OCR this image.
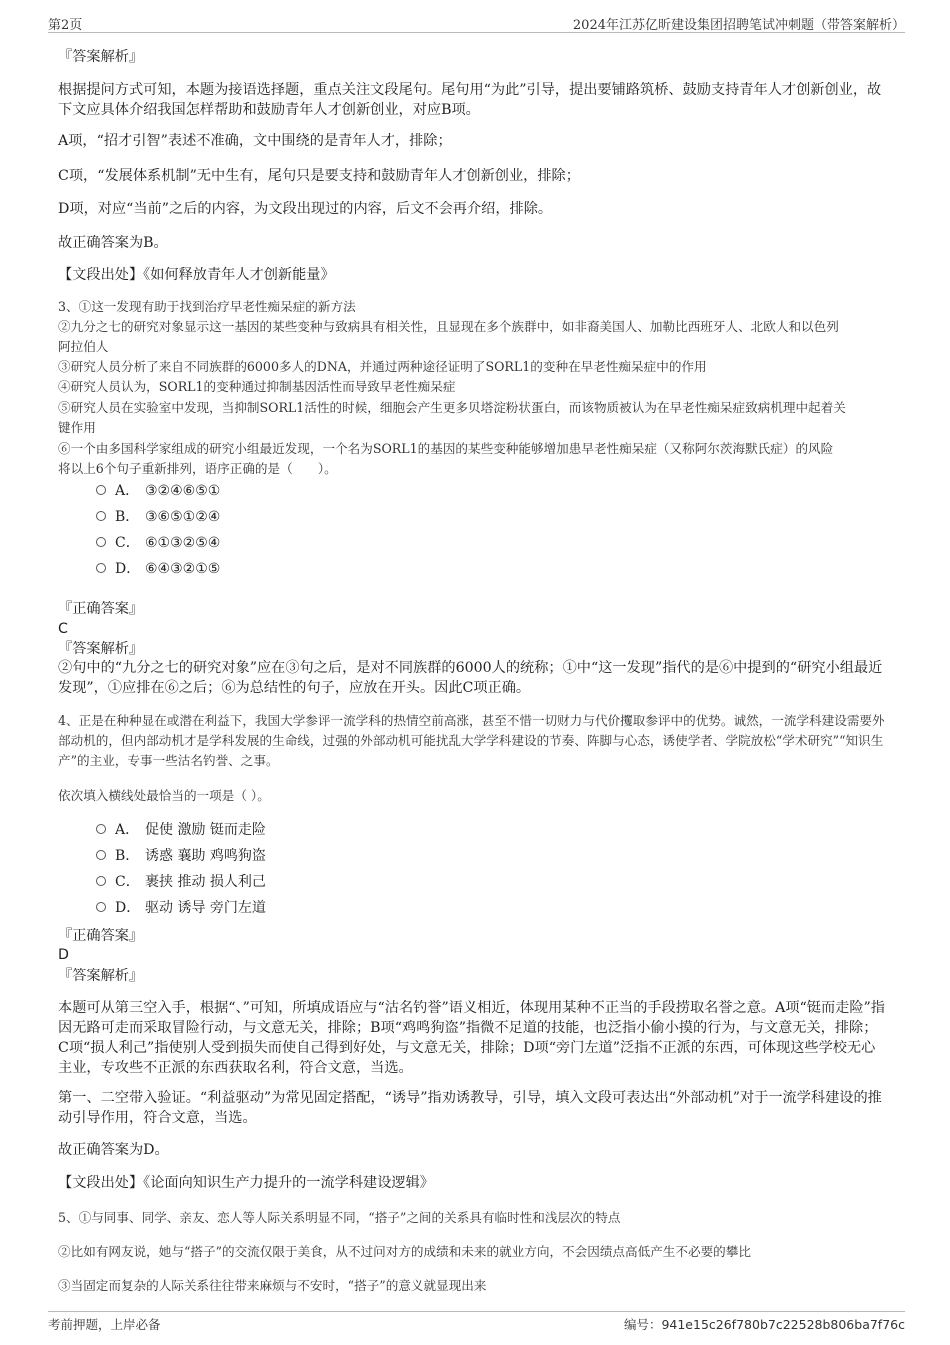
第2页	2024年江苏亿昕建设集团招聘笔试冲刺题（带答案解析）

『答案解析』

根据提问方式可知，本题为接语选择题，重点关注文段尾句。尾句用“为此”引导，提出要铺路筑桥、鼓励支持青年人才创新创业，故下文应具体介绍我国怎样帮助和鼓励青年人才创新创业，对应B项。

A项，“招才引智”表述不准确，文中围绕的是青年人才，排除；

C项，“发展体系机制”无中生有，尾句只是要支持和鼓励青年人才创新创业，排除；

D项，对应“当前”之后的内容，为文段出现过的内容，后文不会再介绍，排除。

故正确答案为B。

【文段出处】《如何释放青年人才创新能量》

3、①这一发现有助于找到治疗早老性痴呆症的新方法

②九分之七的研究对象显示这一基因的某些变种与致病具有相关性，且显现在多个族群中，如非裔美国人、加勒比西班牙人、北欧人和以色列

阿拉伯人

③研究人员分析了来自不同族群的6000多人的DNA，并通过两种途径证明了SORL1的变种在早老性痴呆症中的作用

④研究人员认为，SORL1的变种通过抑制基因活性而导致早老性痴呆症

⑤研究人员在实验室中发现，当抑制SORL1活性的时候，细胞会产生更多贝塔淀粉状蛋白，而该物质被认为在早老性痴呆症致病机理中起着关

键作用

⑥一个由多国科学家组成的研究小组最近发现，一个名为SORL1的基因的某些变种能够增加患早老性痴呆症（又称阿尔茨海默氏症）的风险

将以上6个句子重新排列，语序正确的是（　　）。

A． ③②④⑥⑤①
B． ③⑥⑤①②④
C． ⑥①③②⑤④
D． ⑥④③②①⑤

『正确答案』

C

『答案解析』

②句中的“九分之七的研究对象”应在③句之后，是对不同族群的6000人的统称；①中“这一发现”指代的是⑥中提到的“研究小组最近发现”，①应排在⑥之后；⑥为总结性的句子，应放在开头。因此C项正确。

4、正是在种种显在或潜在利益下，我国大学参评一流学科的热情空前高涨，甚至不惜一切财力与代价攫取参评中的优势。诚然，一流学科建设需要外部动机的，但内部动机才是学科发展的生命线，过强的外部动机可能扰乱大学学科建设的节奏、阵脚与心态，诱使学者、学院放松“学术研究”“知识生产”的主业，专事一些沽名钓誉、之事。

依次填入横线处最恰当的一项是（ ）。

A． 促使 激励 铤而走险
B． 诱惑 襄助 鸡鸣狗盗
C． 裹挟 推动 损人利己
D． 驱动 诱导 旁门左道

『正确答案』

D

『答案解析』

本题可从第三空入手，根据“、”可知，所填成语应与“沽名钓誉”语义相近，体现用某种不正当的手段捞取名誉之意。A项“铤而走险”指因无路可走而采取冒险行动，与文意无关，排除；B项“鸡鸣狗盗”指微不足道的技能，也泛指小偷小摸的行为，与文意无关，排除；C项“损人利己”指使别人受到损失而使自己得到好处，与文意无关，排除；D项“旁门左道”泛指不正派的东西，可体现这些学校无心主业，专攻些不正派的东西获取名利，符合文意，当选。

第一、二空带入验证。“利益驱动”为常见固定搭配，“诱导”指劝诱教导，引导，填入文段可表达出“外部动机”对于一流学科建设的推动引导作用，符合文意，当选。

故正确答案为D。

【文段出处】《论面向知识生产力提升的一流学科建设逻辑》

5、①与同事、同学、亲友、恋人等人际关系明显不同，“搭子”之间的关系具有临时性和浅层次的特点

②比如有网友说，她与“搭子”的交流仅限于美食，从不过问对方的成绩和未来的就业方向，不会因绩点高低产生不必要的攀比

③当固定而复杂的人际关系往往带来麻烦与不安时，“搭子”的意义就显现出来

考前押题，上岸必备	编号：941e15c26f780b7c22528b806ba7f76c
